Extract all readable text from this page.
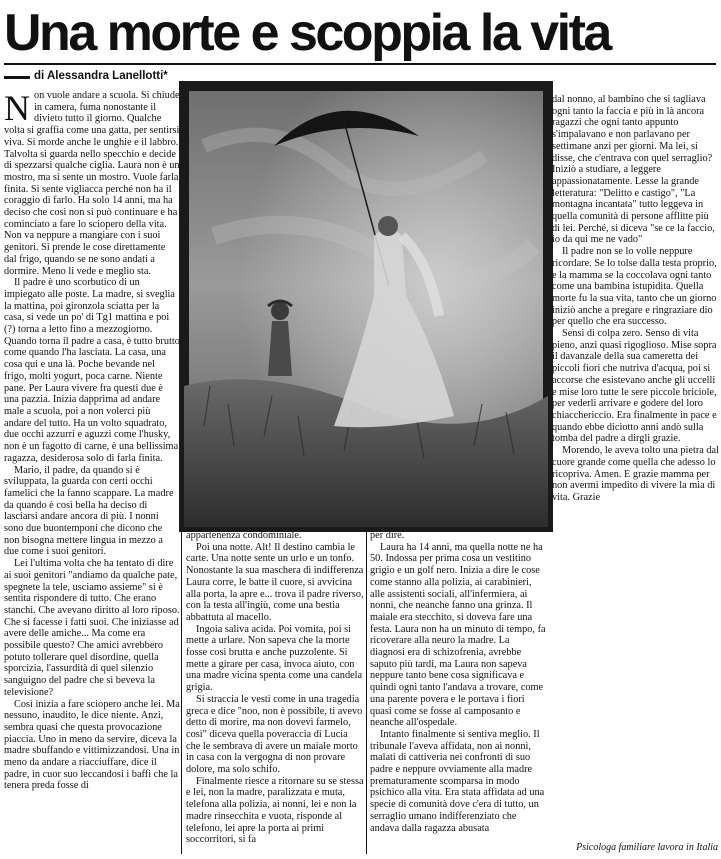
Una morte e scoppia la vita
di Alessandra Lanellotti*

Non vuole andare a scuola. Si chiude in camera, fuma nonostante il divieto tutto il giorno. Qualche volta si graffia come una gatta, per sentirsi viva. Si morde anche le unghie e il labbro. Talvolta si guarda nello specchio e decide di spezzarsi qualche ciglia. Laura non è un mostro, ma si sente un mostro. Vuole farla finita. Si sente vigliacca perché non ha il coraggio di farlo. Ha solo 14 anni, ma ha deciso che così non si può continuare e ha cominciato a fare lo sciopero della vita. Non va neppure a mangiare con i suoi genitori. Si prende le cose direttamente dal frigo, quando se ne sono andati a dormire. Meno li vede e meglio sta.

Il padre è uno scorbutico di un impiegato alle poste. La madre, si sveglia la mattina, poi gironzola sciatta per la casa, si vede un po' di Tg1 mattina e poi (?) torna a letto fino a mezzogiorno. Quando torna il padre a casa, è tutto brutto come quando l'ha lasciata. La casa, una cosa qui e una là. Poche bevande nel frigo, molti yogurt, poca carne. Niente pane. Per Laura vivere fra questi due è una pazzia. Inizia dapprima ad andare male a scuola, poi a non volerci più andare del tutto. Ha un volto squadrato, due occhi azzurri e aguzzi come l'husky, non è un fagotto di carne, è una bellissima ragazza, desiderosa solo di farla finita.

Mario, il padre, da quando si è sviluppata, la guarda con certi occhi famelici che la fanno scappare. La madre da quando è così bella ha deciso di lasciarsi andare ancora di più. I nonni sono due buontemponi che dicono che non bisogna mettere lingua in mezzo a due come i suoi genitori.

Lei l'ultima volta che ha tentato di dire ai suoi genitori "andiamo da qualche pate, spegnete la tele, usciamo assieme" si è sentita rispondere di tutto. Che erano stanchi. Che avevano diritto al loro riposo. Che si facesse i fatti suoi. Che iniziasse ad avere delle amiche... Ma come era possibile questo? Che amici avrebbero potuto tollerare quel disordine, quella sporcizia, l'assurdità di quel silenzio sanguigno del padre che si beveva la televisione?

Così inizia a fare sciopero anche lei. Ma nessuno, inaudito, le dice niente. Anzi, sembra quasi che questa provocazione piaccia. Uno in meno da servire, diceva la madre sbuffando e vittimizzandosi. Una in meno da andare a riacciuffare, dice il padre, in cuor suo leccandosi i baffi che la tenera preda fosse di

dal nonno, al bambino che si tagliava ogni tanto la faccia e più in là ancora ragazzi che ogni tanto appunto s'impalavano e non parlavano per settimane anzi per giorni. Ma lei, si disse, che c'entrava con quel serraglio? Iniziò a studiare, a leggere appassionatamente. Lesse la grande letteratura: "Delitto e castigo", "La montagna incantata" tutto leggeva in quella comunità di persone afflitte più di lei. Perché, si diceva "se ce la faccio, io da qui me ne vado"

Il padre non se lo volle neppure ricordare. Se lo tolse dalla testa proprio, e la mamma se la coccolava ogni tanto come una bambina istupidita. Quella morte fu la sua vita, tanto che un giorno iniziò anche a pregare e ringraziare dio per quello che era successo.

Sensi di colpa zero. Senso di vita pieno, anzi quasi rigoglioso. Mise sopra il davanzale della sua cameretta dei piccoli fiori che nutriva d'acqua, poi si accorse che esistevano anche gli uccelli e mise loro tutte le sere piccole briciole, per vederli arrivare e godere del loro chiacchericcio. Era finalmente in pace e quando ebbe diciotto anni andò sulla tomba del padre a dirgli grazie.

Morendo, le aveva tolto una pietra dal cuore grande come quella che adesso lo ricopriva. Amen. E grazie mamma per non avermi impedito di vivere la mia di vita. Grazie

appartenenza condominiale.

Poi una notte. Alt! Il destino cambia le carte. Una notte sente un urlo e un tonfo. Nonostante la sua maschera di indifferenza Laura corre, le batte il cuore, si avvicina alla porta, la apre e... trova il padre riverso, con la testa all'ingiù, come una bestia abbattuta al macello.

Ingoia saliva acida. Poi vomita, poi si mette a urlare. Non sapeva che la morte fosse così brutta e anche puzzolente. Si mette a girare per casa, invoca aiuto, con una madre vicina spenta come una candela grigia.

Si straccia le vesti come in una tragedia greca e dice "noo, non è possibile, ti avevo detto di morire, ma non dovevi farmelo, così" diceva quella poveraccia di Lucia che le sembrava di avere un maiale morto in casa con la vergogna di non provare dolore, ma solo schifo.

Finalmente riesce a ritornare su se stessa e lei, non la madre, paralizzata e muta, telefona alla polizia, ai nonni, lei e non la madre rinsecchita e vuota, risponde al telefono, lei apre la porta ai primi soccorritori, si fa

per dire.

Laura ha 14 anni, ma quella notte ne ha 50. Indossa per prima cosa un vestitino grigio e un golf nero. Inizia a dire le cose come stanno alla polizia, ai carabinieri, alle assistenti sociali, all'infermiera, ai nonni, che neanche fanno una grinza. Il maiale era stecchito, si doveva fare una festa. Laura non ha un minuto di tempo, fa ricoverare alla neuro la madre. La diagnosi era di schizofrenia, avrebbe saputo più tardi, ma Laura non sapeva neppure tanto bene cosa significava e quindi ogni tanto l'andava a trovare, come una parente povera e le portava i fiori quasi come se fosse al camposanto e neanche all'ospedale.

Intanto finalmente si sentiva meglio. Il tribunale l'aveva affidata, non ai nonni, malati di cattiveria nei confronti di suo padre e neppure ovviamente alla madre prematuramente scomparsa in modo psichico alla vita. Era stata affidata ad una specie di comunità dove c'era di tutto, un serraglio umano indifferenziato che andava dalla ragazza abusata

Psicologa familiare lavora in Italia
